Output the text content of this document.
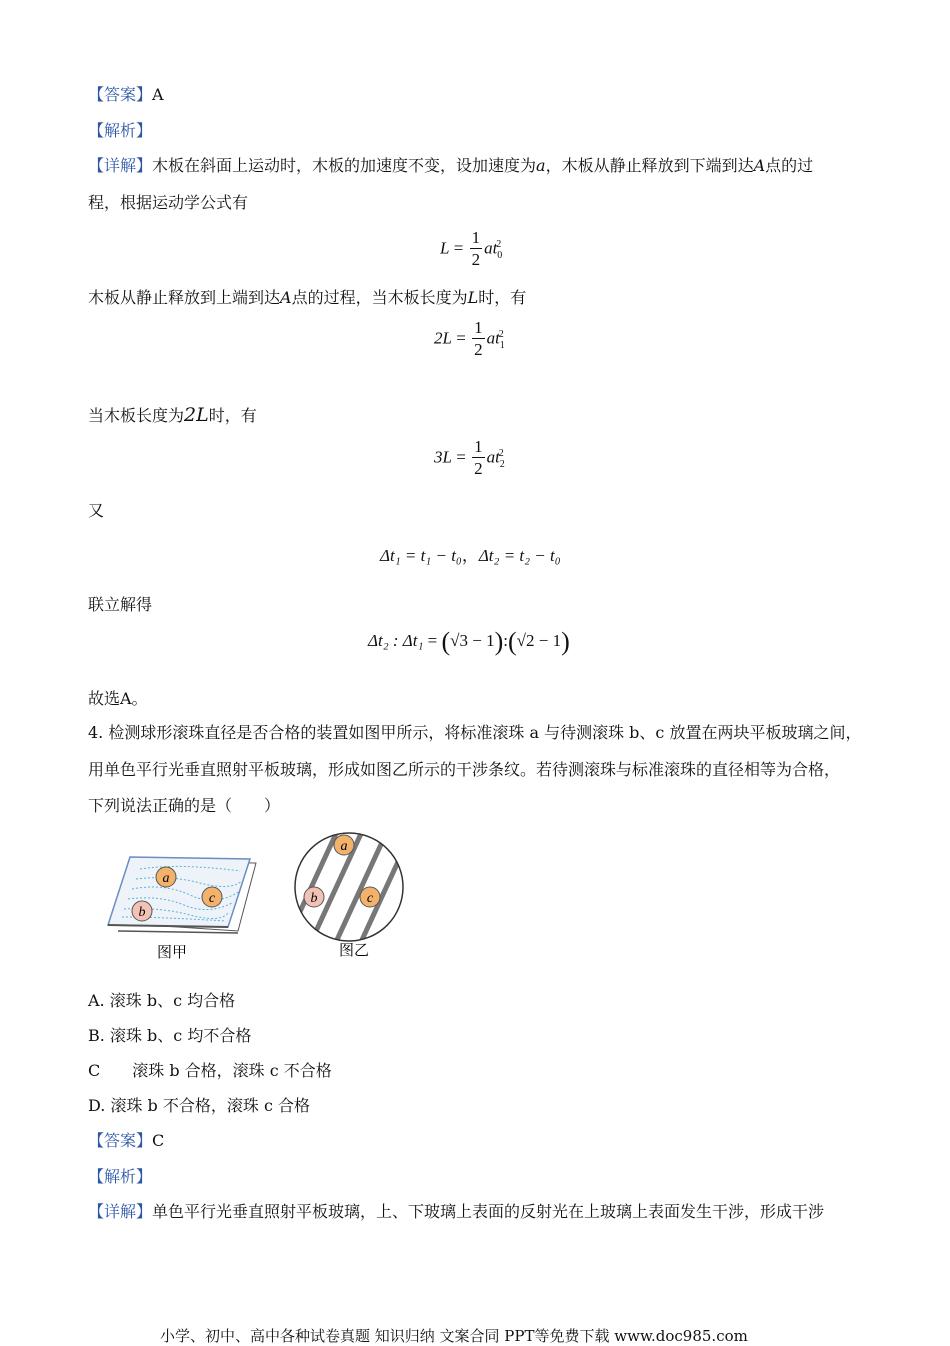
【答案】A
【解析】
【详解】木板在斜面上运动时，木板的加速度不变，设加速度为a，木板从静止释放到下端到达A点的过
程，根据运动学公式有
$L = \frac{1}{2} at_0^2$
木板从静止释放到上端到达A点的过程，当木板长度为L时，有
$2L = \frac{1}{2} at_1^2$
当木板长度为2L时，有
$3L = \frac{1}{2} at_2^2$
又
Δt₁ = t₁ − t₀，Δt₂ = t₂ − t₀
联立解得
Δt₂ : Δt₁ = (√3 − 1):(√2 − 1)
故选A。
4. 检测球形滚珠直径是否合格的装置如图甲所示，将标准滚珠 a 与待测滚珠 b、c 放置在两块平板玻璃之间，
用单色平行光垂直照射平板玻璃，形成如图乙所示的干涉条纹。若待测滚珠与标准滚珠的直径相等为合格，
下列说法正确的是（　　）
a
b
c
图甲
a
b	c
图乙
A. 滚珠 b、c 均合格
B. 滚珠 b、c 均不合格
C 滚珠 b 合格，滚珠 c 不合格
D. 滚珠 b 不合格，滚珠 c 合格
【答案】C
【解析】
【详解】单色平行光垂直照射平板玻璃，上、下玻璃上表面的反射光在上玻璃上表面发生干涉，形成干涉
小学、初中、高中各种试卷真题 知识归纳 文案合同 PPT等免费下载 www.doc985.com
